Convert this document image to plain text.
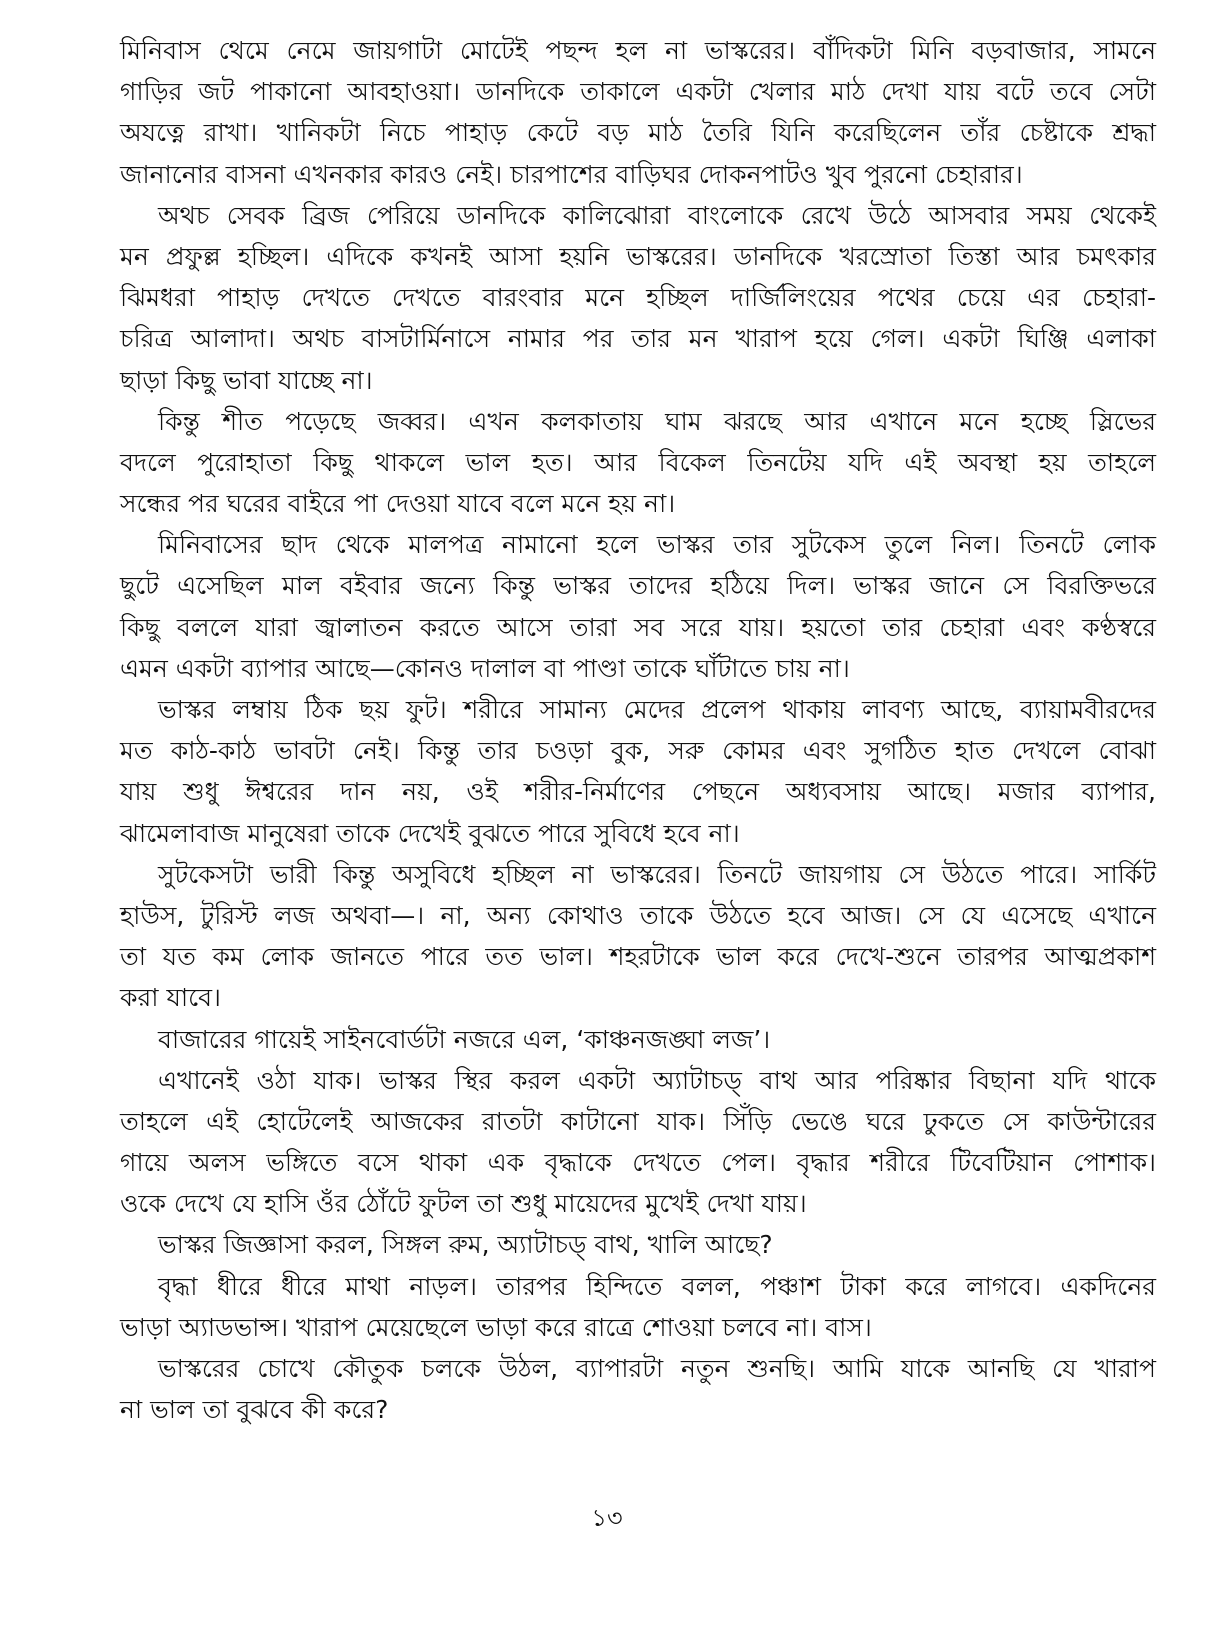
মিনিবাস থেমে নেমে জায়গাটা মোটেই পছন্দ হল না ভাস্করের। বাঁদিকটা মিনি বড়বাজার, সামনে
গাড়ির জট পাকানো আবহাওয়া। ডানদিকে তাকালে একটা খেলার মাঠ দেখা যায় বটে তবে সেটা
অযত্নে রাখা। খানিকটা নিচে পাহাড় কেটে বড় মাঠ তৈরি যিনি করেছিলেন তাঁর চেষ্টাকে শ্রদ্ধা
জানানোর বাসনা এখনকার কারও নেই। চারপাশের বাড়িঘর দোকনপাটও খুব পুরনো চেহারার।
অথচ সেবক ব্রিজ পেরিয়ে ডানদিকে কালিঝোরা বাংলোকে রেখে উঠে আসবার সময় থেকেই
মন প্রফুল্ল হচ্ছিল। এদিকে কখনই আসা হয়নি ভাস্করের। ডানদিকে খরস্রোতা তিস্তা আর চমৎকার
ঝিমধরা পাহাড় দেখতে দেখতে বারংবার মনে হচ্ছিল দার্জিলিংয়ের পথের চেয়ে এর চেহারা-
চরিত্র আলাদা। অথচ বাসটার্মিনাসে নামার পর তার মন খারাপ হয়ে গেল। একটা ঘিঞ্জি এলাকা
ছাড়া কিছু ভাবা যাচ্ছে না।
কিন্তু শীত পড়েছে জব্বর। এখন কলকাতায় ঘাম ঝরছে আর এখানে মনে হচ্ছে স্লিভের
বদলে পুরোহাতা কিছু থাকলে ভাল হত। আর বিকেল তিনটেয় যদি এই অবস্থা হয় তাহলে
সন্ধের পর ঘরের বাইরে পা দেওয়া যাবে বলে মনে হয় না।
মিনিবাসের ছাদ থেকে মালপত্র নামানো হলে ভাস্কর তার সুটকেস তুলে নিল। তিনটে লোক
ছুটে এসেছিল মাল বইবার জন্যে কিন্তু ভাস্কর তাদের হঠিয়ে দিল। ভাস্কর জানে সে বিরক্তিভরে
কিছু বললে যারা জ্বালাতন করতে আসে তারা সব সরে যায়। হয়তো তার চেহারা এবং কণ্ঠস্বরে
এমন একটা ব্যাপার আছে—কোনও দালাল বা পাণ্ডা তাকে ঘাঁটাতে চায় না।
ভাস্কর লম্বায় ঠিক ছয় ফুট। শরীরে সামান্য মেদের প্রলেপ থাকায় লাবণ্য আছে, ব্যায়ামবীরদের
মত কাঠ-কাঠ ভাবটা নেই। কিন্তু তার চওড়া বুক, সরু কোমর এবং সুগঠিত হাত দেখলে বোঝা
যায় শুধু ঈশ্বরের দান নয়, ওই শরীর-নির্মাণের পেছনে অধ্যবসায় আছে। মজার ব্যাপার,
ঝামেলাবাজ মানুষেরা তাকে দেখেই বুঝতে পারে সুবিধে হবে না।
সুটকেসটা ভারী কিন্তু অসুবিধে হচ্ছিল না ভাস্করের। তিনটে জায়গায় সে উঠতে পারে। সার্কিট
হাউস, টুরিস্ট লজ অথবা—। না, অন্য কোথাও তাকে উঠতে হবে আজ। সে যে এসেছে এখানে
তা যত কম লোক জানতে পারে তত ভাল। শহরটাকে ভাল করে দেখে-শুনে তারপর আত্মপ্রকাশ
করা যাবে।
বাজারের গায়েই সাইনবোর্ডটা নজরে এল, ‘কাঞ্চনজঙ্ঘা লজ’।
এখানেই ওঠা যাক। ভাস্কর স্থির করল একটা অ্যাটাচড্ বাথ আর পরিষ্কার বিছানা যদি থাকে
তাহলে এই হোটেলেই আজকের রাতটা কাটানো যাক। সিঁড়ি ভেঙে ঘরে ঢুকতে সে কাউন্টারের
গায়ে অলস ভঙ্গিতে বসে থাকা এক বৃদ্ধাকে দেখতে পেল। বৃদ্ধার শরীরে টিবেটিয়ান পোশাক।
ওকে দেখে যে হাসি ওঁর ঠোঁটে ফুটল তা শুধু মায়েদের মুখেই দেখা যায়।
ভাস্কর জিজ্ঞাসা করল, সিঙ্গল রুম, অ্যাটাচড্ বাথ, খালি আছে?
বৃদ্ধা ধীরে ধীরে মাথা নাড়ল। তারপর হিন্দিতে বলল, পঞ্চাশ টাকা করে লাগবে। একদিনের
ভাড়া অ্যাডভান্স। খারাপ মেয়েছেলে ভাড়া করে রাত্রে শোওয়া চলবে না। বাস।
ভাস্করের চোখে কৌতুক চলকে উঠল, ব্যাপারটা নতুন শুনছি। আমি যাকে আনছি যে খারাপ
না ভাল তা বুঝবে কী করে?
১৩
